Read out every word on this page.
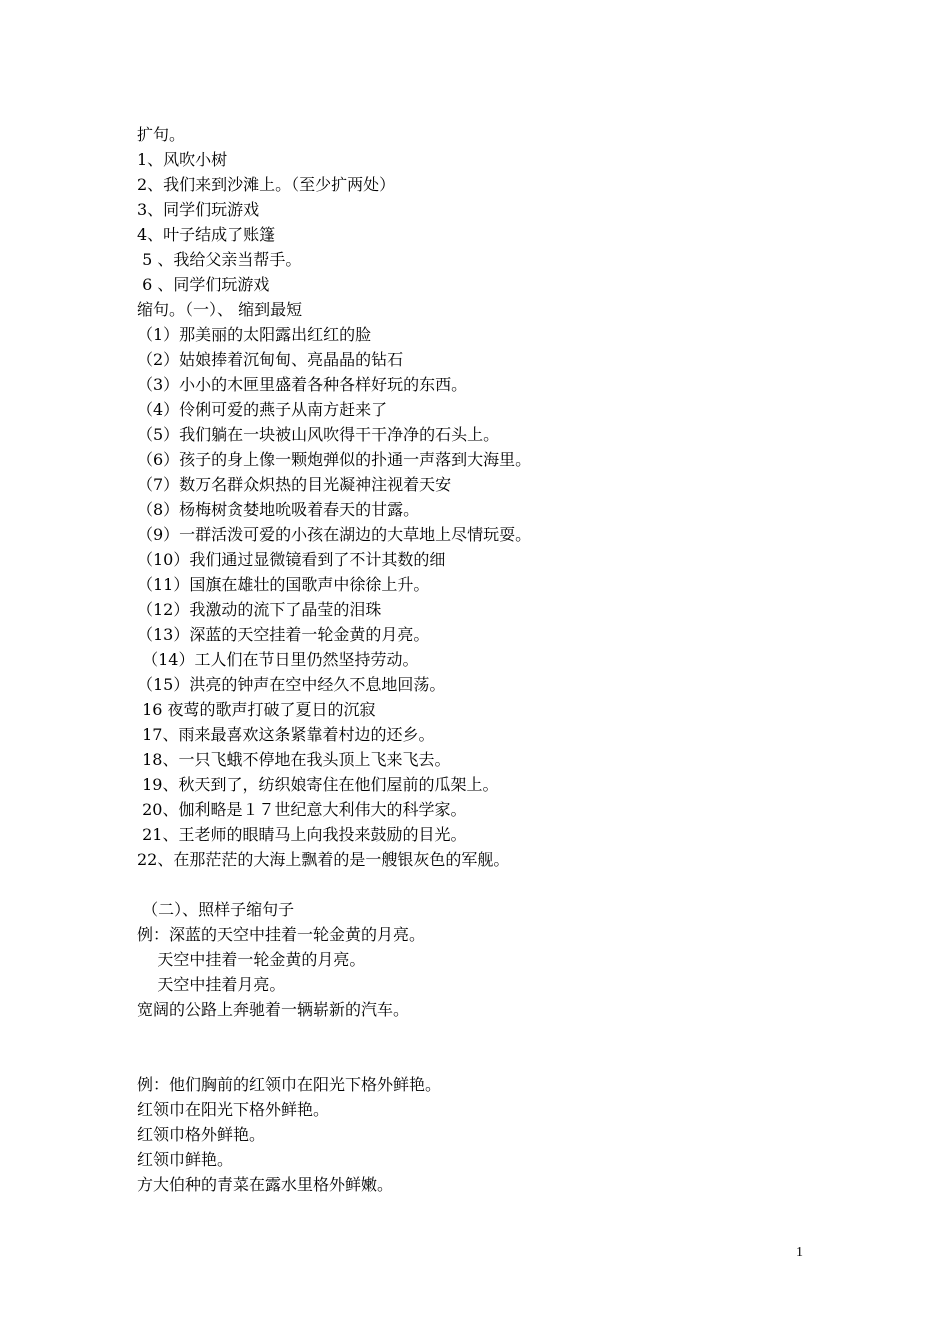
扩句。
1、风吹小树
2、我们来到沙滩上。（至少扩两处）
3、同学们玩游戏
4、叶子结成了账篷
5 、我给父亲当帮手。
6 、同学们玩游戏
缩句。（一）、 缩到最短
（1）那美丽的太阳露出红红的脸
（2）姑娘捧着沉甸甸、亮晶晶的钻石
（3）小小的木匣里盛着各种各样好玩的东西。
（4）伶俐可爱的燕子从南方赶来了
（5）我们躺在一块被山风吹得干干净净的石头上。
（6）孩子的身上像一颗炮弹似的扑通一声落到大海里。
（7）数万名群众炽热的目光凝神注视着天安
（8）杨梅树贪婪地吮吸着春天的甘露。
（9）一群活泼可爱的小孩在湖边的大草地上尽情玩耍。
（10）我们通过显微镜看到了不计其数的细
（11）国旗在雄壮的国歌声中徐徐上升。
（12）我激动的流下了晶莹的泪珠
（13）深蓝的天空挂着一轮金黄的月亮。
（14）工人们在节日里仍然坚持劳动。
（15）洪亮的钟声在空中经久不息地回荡。
16 夜莺的歌声打破了夏日的沉寂
17、雨来最喜欢这条紧靠着村边的还乡。
18、一只飞蛾不停地在我头顶上飞来飞去。
19、秋天到了，纺织娘寄住在他们屋前的瓜架上。
20、伽利略是１７世纪意大利伟大的科学家。
21、王老师的眼睛马上向我投来鼓励的目光。
22、在那茫茫的大海上飘着的是一艘银灰色的军舰。
（二）、照样子缩句子
例：深蓝的天空中挂着一轮金黄的月亮。
天空中挂着一轮金黄的月亮。
天空中挂着月亮。
宽阔的公路上奔驰着一辆崭新的汽车。
例：他们胸前的红领巾在阳光下格外鲜艳。
红领巾在阳光下格外鲜艳。
红领巾格外鲜艳。
红领巾鲜艳。
方大伯种的青菜在露水里格外鲜嫩。
1
